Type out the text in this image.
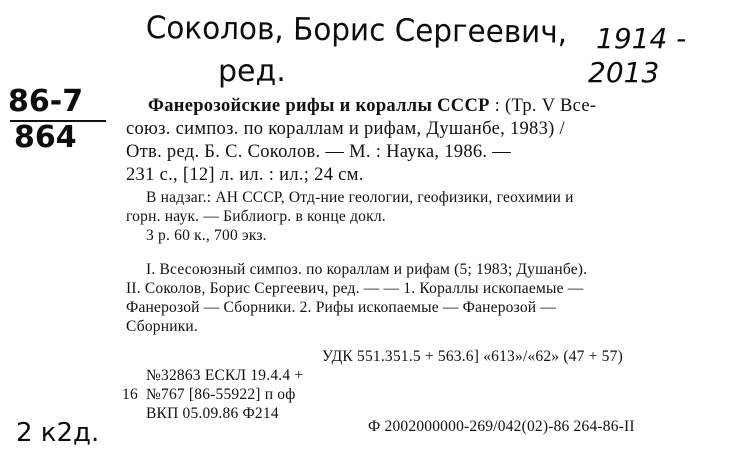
Соколов, Борис Сергеевич, 1914 -
ред.	2013
86-7
864
2 к2д.
Фанерозойские рифы и кораллы СССР : (Тр. V Все-
союз. симпоз. по кораллам и рифам, Душанбе, 1983) /
Отв. ред. Б. С. Соколов. — М. : Наука, 1986. —
231 с., [12] л. ил. : ил.; 24 см.
В надзаг.: АН СССР, Отд-ние геологии, геофизики, геохимии и
горн. наук. — Библиогр. в конце докл.
3 р. 60 к., 700 экз.
I. Всесоюзный симпоз. по кораллам и рифам (5; 1983; Душанбе).
II. Соколов, Борис Сергеевич, ред. — — 1. Кораллы ископаемые —
Фанерозой — Сборники. 2. Рифы ископаемые — Фанерозой —
Сборники.
УДК 551.351.5 + 563.6] «613»/«62» (47 + 57)
№32863 ЕСКЛ 19.4.4 +
16 №767 [86-55922] п оф
ВКП 05.09.86 Ф214
Ф 2002000000-269/042(02)-86 264-86-II
